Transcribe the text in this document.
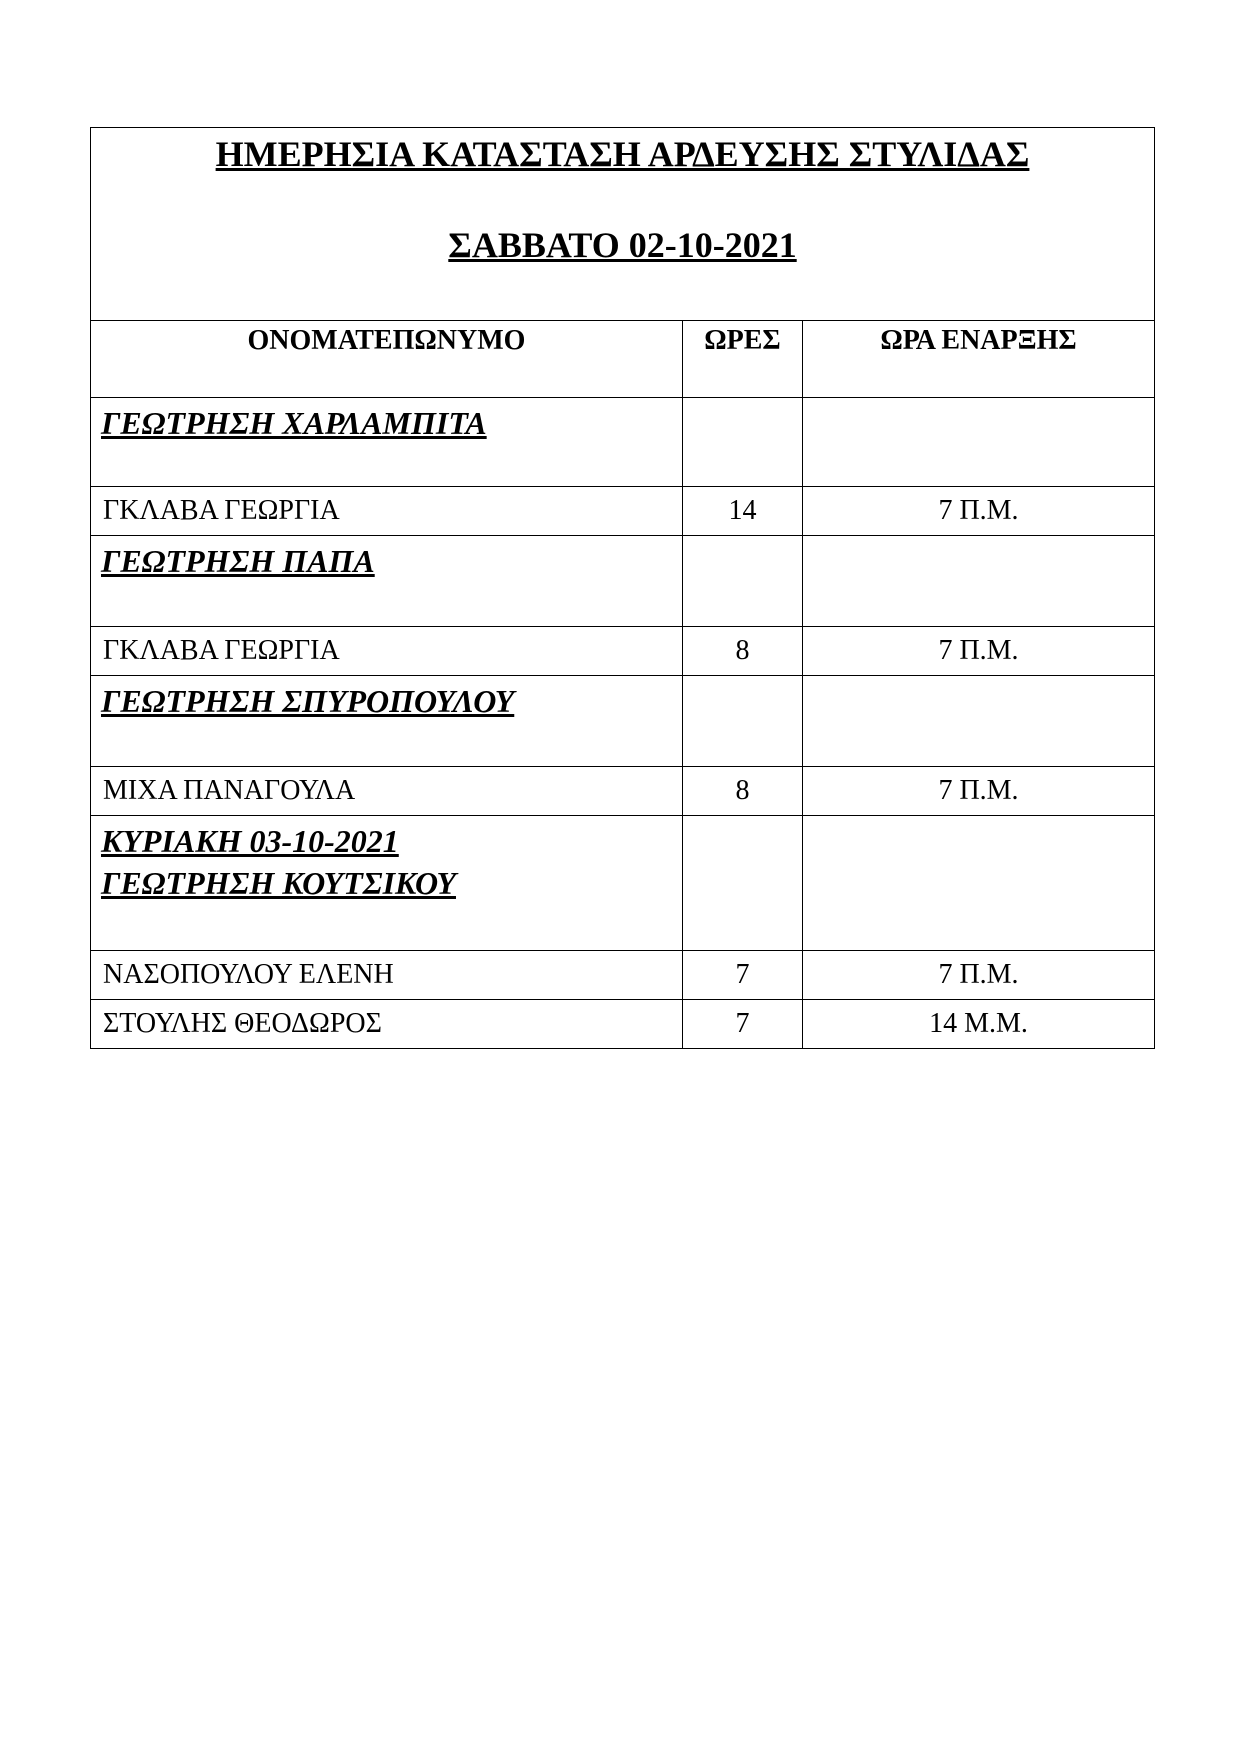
ΗΜΕΡΗΣΙΑ ΚΑΤΑΣΤΑΣΗ ΑΡΔΕΥΣΗΣ ΣΤΥΛΙΔΑΣ
ΣΑΒΒΑΤΟ 02-10-2021		

ΟΝΟΜΑΤΕΠΩΝΥΜΟ	ΩΡΕΣ	ΩΡΑ ΕΝΑΡΞΗΣ

ΓΕΩΤΡΗΣΗ ΧΑΡΛΑΜΠΙΤΑ		

ΓΚΛΑΒΑ ΓΕΩΡΓΙΑ	14	7 Π.Μ.

ΓΕΩΤΡΗΣΗ ΠΑΠΑ		

ΓΚΛΑΒΑ ΓΕΩΡΓΙΑ	8	7 Π.Μ.

ΓΕΩΤΡΗΣΗ ΣΠΥΡΟΠΟΥΛΟΥ		

ΜΙΧΑ ΠΑΝΑΓΟΥΛΑ	8	7 Π.Μ.

ΚΥΡΙΑΚΗ 03-10-2021
ΓΕΩΤΡΗΣΗ ΚΟΥΤΣΙΚΟΥ		

ΝΑΣΟΠΟΥΛΟΥ ΕΛΕΝΗ	7	7 Π.Μ.
ΣΤΟΥΛΗΣ ΘΕΟΔΩΡΟΣ	7	14 Μ.Μ.
